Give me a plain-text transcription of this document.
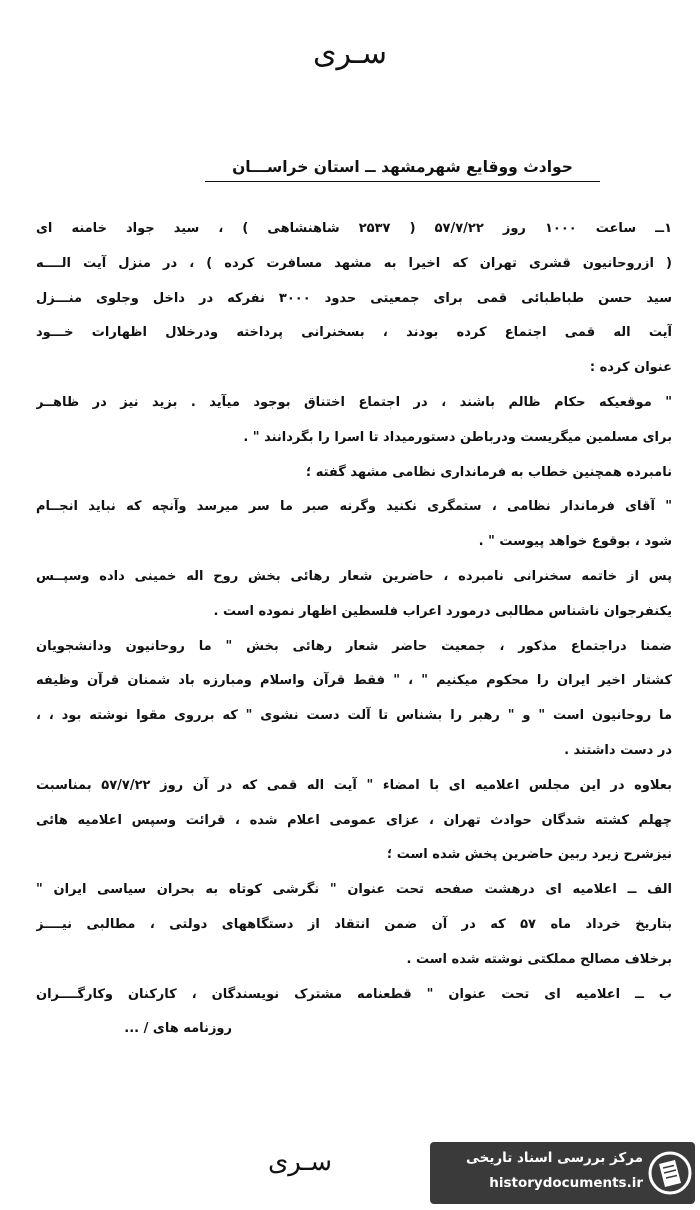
سـری
حوادث ووقایع شهرمشهد ــ استان خراســـان
۱ــ ساعت ۱۰۰۰ روز ۵۷/۷/۲۲ ( ۲۵۳۷ شاهنشاهی ) ، سید جواد خامنه ای
( ازروحانیون قشری تهران که اخیرا به مشهد مسافرت کرده ) ، در منزل آیت الــــه
سید حسن طباطبائی قمی برای جمعیتی حدود ۳۰۰۰ نفرکه در داخل وجلوی منـــزل
آیت اله قمی اجتماع کرده بودند ، بسخنرانی پرداخته ودرخلال اظهارات خـــود
عنوان کرده :
" موقعیکه حکام ظالم باشند ، در اجتماع اختناق بوجود میآید . بزید نیز در ظاهــر
برای مسلمین میگریست ودرباطن دستورمیداد تا اسرا را بگردانند " .
نامبرده همچنین خطاب به فرمانداری نظامی مشهد گفته ؛
" آقای فرماندار نظامی ، ستمگری نکنید وگرنه صبر ما سر میرسد وآنچه که نباید انجــام
شود ، بوقوع خواهد پیوست " .
پس از خاتمه سخنرانی نامبرده ، حاضرین شعار رهائی بخش روح اله خمینی داده وسپــس
یکنفرجوان ناشناس مطالبی درمورد اعراب فلسطین اظهار نموده است .
ضمنا دراجتماع مذکور ، جمعیت حاضر شعار رهائی بخش " ما روحانیون ودانشجویان
کشتار اخیر ایران را محکوم میکنیم " ، " فقط قرآن واسلام ومبارزه باد شمنان قرآن وظیفه
ما روحانیون است " و " رهبر را بشناس تا آلت دست نشوی " که برروی مقوا نوشته بود ، ،
در دست داشتند .
بعلاوه در این مجلس اعلامیه ای با امضاء " آیت اله قمی که در آن روز ۵۷/۷/۲۲ بمناسبت
چهلم کشته شدگان حوادث تهران ، عزای عمومی اعلام شده ، قرائت وسپس اعلامیه هائی
نیزشرح زیرد ربین حاضرین پخش شده است ؛
الف ــ اعلامیه ای درهشت صفحه تحت عنوان " نگرشی کوتاه به بحران سیاسی ایران "
بتاریخ خرداد ماه ۵۷ که در آن ضمن انتقاد از دستگاههای دولتی ، مطالبی نیــــز
برخلاف مصالح مملکتی نوشته شده است .
ب ــ اعلامیه ای تحت عنوان " قطعنامه مشترک نویسندگان ، کارکنان وکارگــــران
روزنامه های / ...
سـری	مرکز بررسی اسناد تاریخی
historydocuments.ir
